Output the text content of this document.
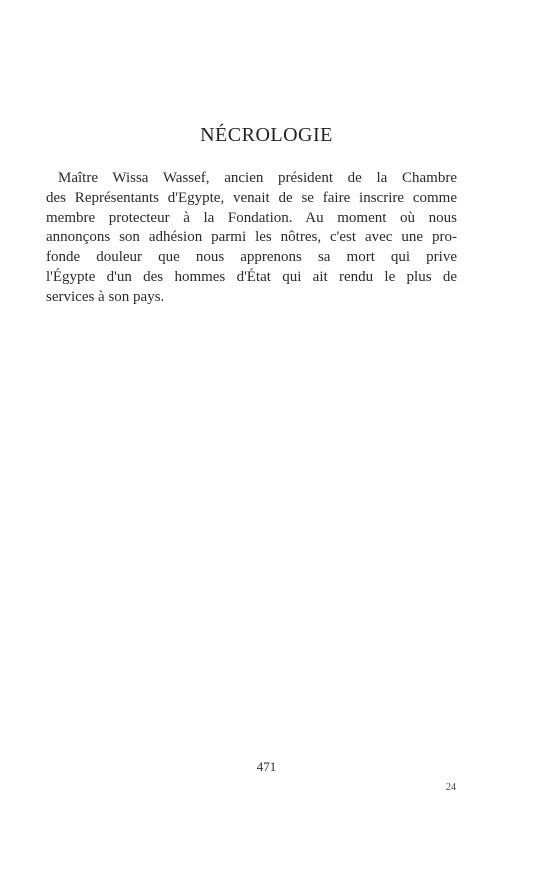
NÉCROLOGIE

Maître Wissa Wassef, ancien président de la Chambre
des Représentants d'Egypte, venait de se faire inscrire comme
membre protecteur à la Fondation. Au moment où nous
annonçons son adhésion parmi les nôtres, c'est avec une pro-
fonde douleur que nous apprenons sa mort qui prive
l'Égypte d'un des hommes d'État qui ait rendu le plus de
services à son pays.

471

24
